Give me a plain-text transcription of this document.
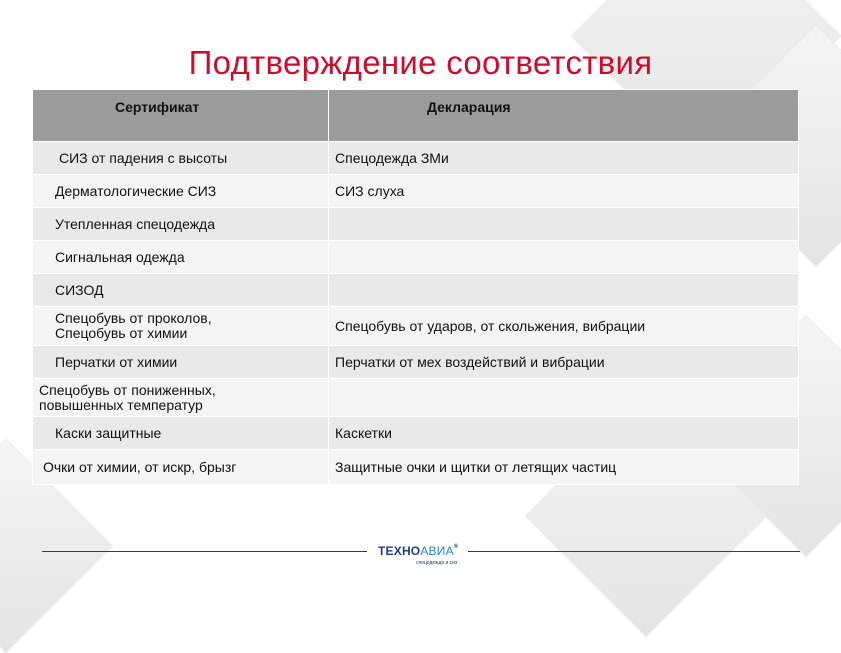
Подтверждение соответствия
Сертификат	Декларация
СИЗ от падения с высоты	Спецодежда ЗМи
Дерматологические СИЗ	СИЗ слуха
Утепленная спецодежда	
Сигнальная одежда	
СИЗОД	
Спецобувь от проколов,
Спецобувь от химии	Спецобувь от ударов, от скольжения, вибрации
Перчатки от химии	Перчатки от мех воздействий и вибрации
Спецобувь от пониженных,
повышенных температур	
Каски защитные	Каскетки
Очки от химии, от искр, брызг	Защитные очки и щитки от летящих частиц
ТЕХНОАВИА®
спецодежда и сиз
